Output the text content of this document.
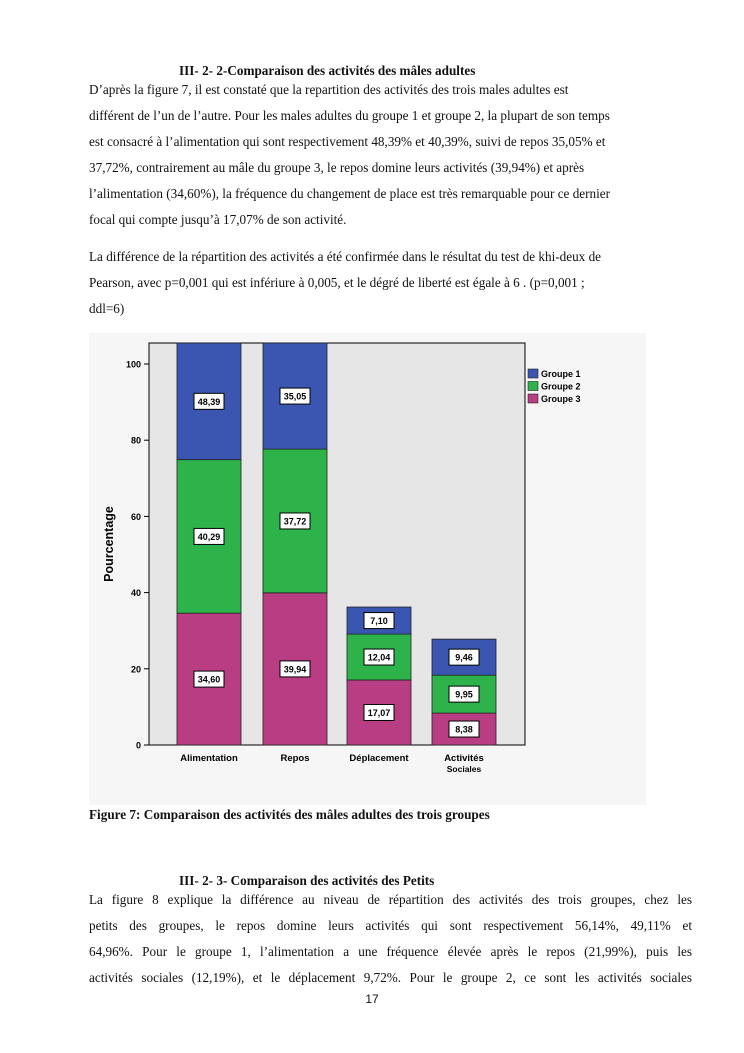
III- 2- 2-Comparaison des activités des mâles adultes

D’après la figure 7, il est constaté que la repartition des activités des trois males adultes est
différent de l’un de l’autre. Pour les males adultes du groupe 1 et groupe 2, la plupart de son temps
est consacré à l’alimentation qui sont respectivement 48,39% et 40,39%, suivi de repos 35,05% et
37,72%, contrairement au mâle du groupe 3, le repos domine leurs activités (39,94%) et après
l’alimentation (34,60%), la fréquence du changement de place est très remarquable pour ce dernier
focal qui compte jusqu’à 17,07% de son activité.

La différence de la répartition des activités a été confirmée dans le résultat du test de khi-deux de
Pearson, avec p=0,001 qui est infériure à 0,005, et le dégré de liberté est égale à 6 . (p=0,001 ;
ddl=6)

Pourcentage
0
20
40
60
80
100
34,60
40,29
48,39
39,94
37,72
35,05
17,07
12,04
7,10
8,38
9,95
9,46
Alimentation	Repos	Déplacement	Activités
Sociales
Groupe 1
Groupe 2
Groupe 3
Figure 7: Comparaison des activités des mâles adultes des trois groupes
III- 2- 3- Comparaison des activités des Petits

La figure 8 explique la différence au niveau de répartition des activités des trois groupes, chez les
petits des groupes, le repos domine leurs activités qui sont respectivement 56,14%, 49,11% et
64,96%. Pour le groupe 1, l’alimentation a une fréquence élevée après le repos (21,99%), puis les
activités sociales (12,19%), et le déplacement 9,72%. Pour le groupe 2, ce sont les activités sociales

17
